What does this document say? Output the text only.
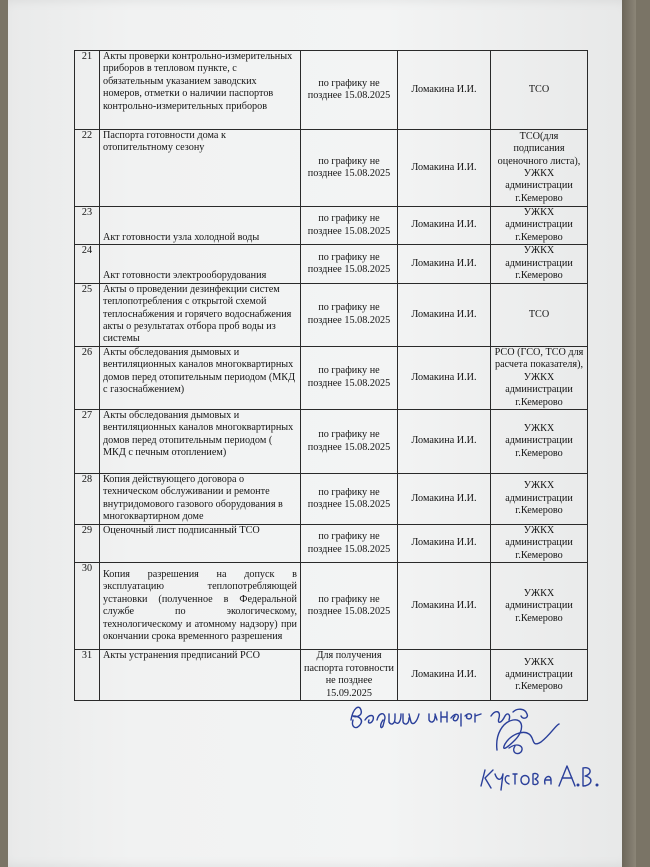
21	Акты проверки контрольно-измерительных приборов в тепловом пункте, с обязательным указанием заводских номеров, отметки о наличии паспортов контрольно-измерительных приборов	по графику не позднее 15.08.2025	Ломакина И.И.	ТСО
22	Паспорта готовности дома к отопительтному сезону	по графику не позднее 15.08.2025	Ломакина И.И.	ТСО(для подписания оценочного листа), УЖКХ администрации г.Кемерово
23	Акт готовности узла холодной воды	по графику не позднее 15.08.2025	Ломакина И.И.	УЖКХ администрации г.Кемерово
24	Акт готовности электрооборудования	по графику не позднее 15.08.2025	Ломакина И.И.	УЖКХ администрации г.Кемерово
25	Акты о проведении дезинфекции систем теплопотребления с открытой схемой теплоснабжения и горячего водоснабжения акты о результатах отбора проб воды из системы	по графику не позднее 15.08.2025	Ломакина И.И.	ТСО
26	Акты обследования дымовых и вентиляционных каналов многоквартирных домов перед отопительным периодом (МКД с газоснабжением)	по графику не позднее 15.08.2025	Ломакина И.И.	РСО (ГСО, ТСО для расчета показателя), УЖКХ администрации г.Кемерово
27	Акты обследования дымовых и вентиляционных каналов многоквартирных домов перед отопительным периодом ( МКД с печным отоплением)	по графику не позднее 15.08.2025	Ломакина И.И.	УЖКХ администрации г.Кемерово
28	Копия действующего договора о техническом обслуживании и ремонте внутридомового газового оборудования в многоквартирном доме	по графику не позднее 15.08.2025	Ломакина И.И.	УЖКХ администрации г.Кемерово
29	Оценочный лист подписанный ТСО	по графику не позднее 15.08.2025	Ломакина И.И.	УЖКХ администрации г.Кемерово
30	Копия разрешения на допуск в эксплуатацию теплопотребляющей установки (полученное в Федеральной службе по экологическому, технологическому и атомному надзору) при окончании срока временного разрешения	по графику не позднее 15.08.2025	Ломакина И.И.	УЖКХ администрации г.Кемерово
31	Акты устранения предписаний РСО	Для получения паспорта готовности не позднее 15.09.2025	Ломакина И.И.	УЖКХ администрации г.Кемерово
